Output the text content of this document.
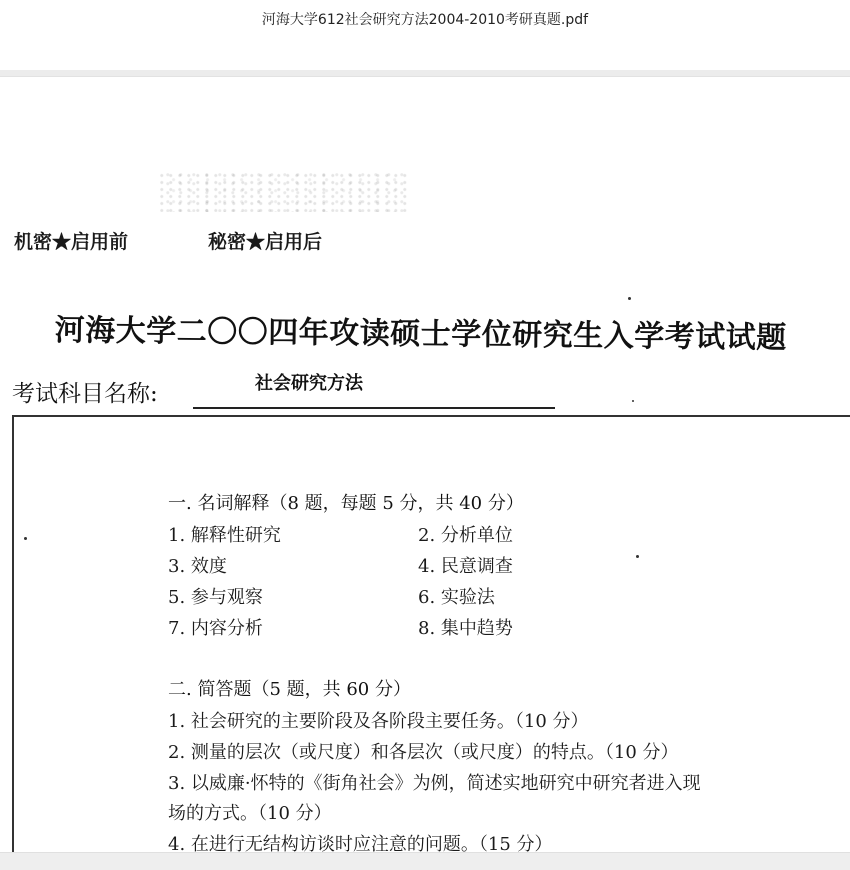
河海大学612社会研究方法2004-2010考研真题.pdf
机密★启用前	秘密★启用后
河海大学二〇〇四年攻读硕士学位研究生入学考试试题
考试科目名称:	社会研究方法
一. 名词解释（8 题，每题 5 分，共 40 分）
1. 解释性研究	2. 分析单位
3. 效度	4. 民意调查
5. 参与观察	6. 实验法
7. 内容分析	8. 集中趋势
二. 简答题（5 题，共 60 分）
1. 社会研究的主要阶段及各阶段主要任务。（10 分）
2. 测量的层次（或尺度）和各层次（或尺度）的特点。（10 分）
3. 以威廉·怀特的《街角社会》为例，简述实地研究中研究者进入现
场的方式。（10 分）
4. 在进行无结构访谈时应注意的问题。（15 分）
